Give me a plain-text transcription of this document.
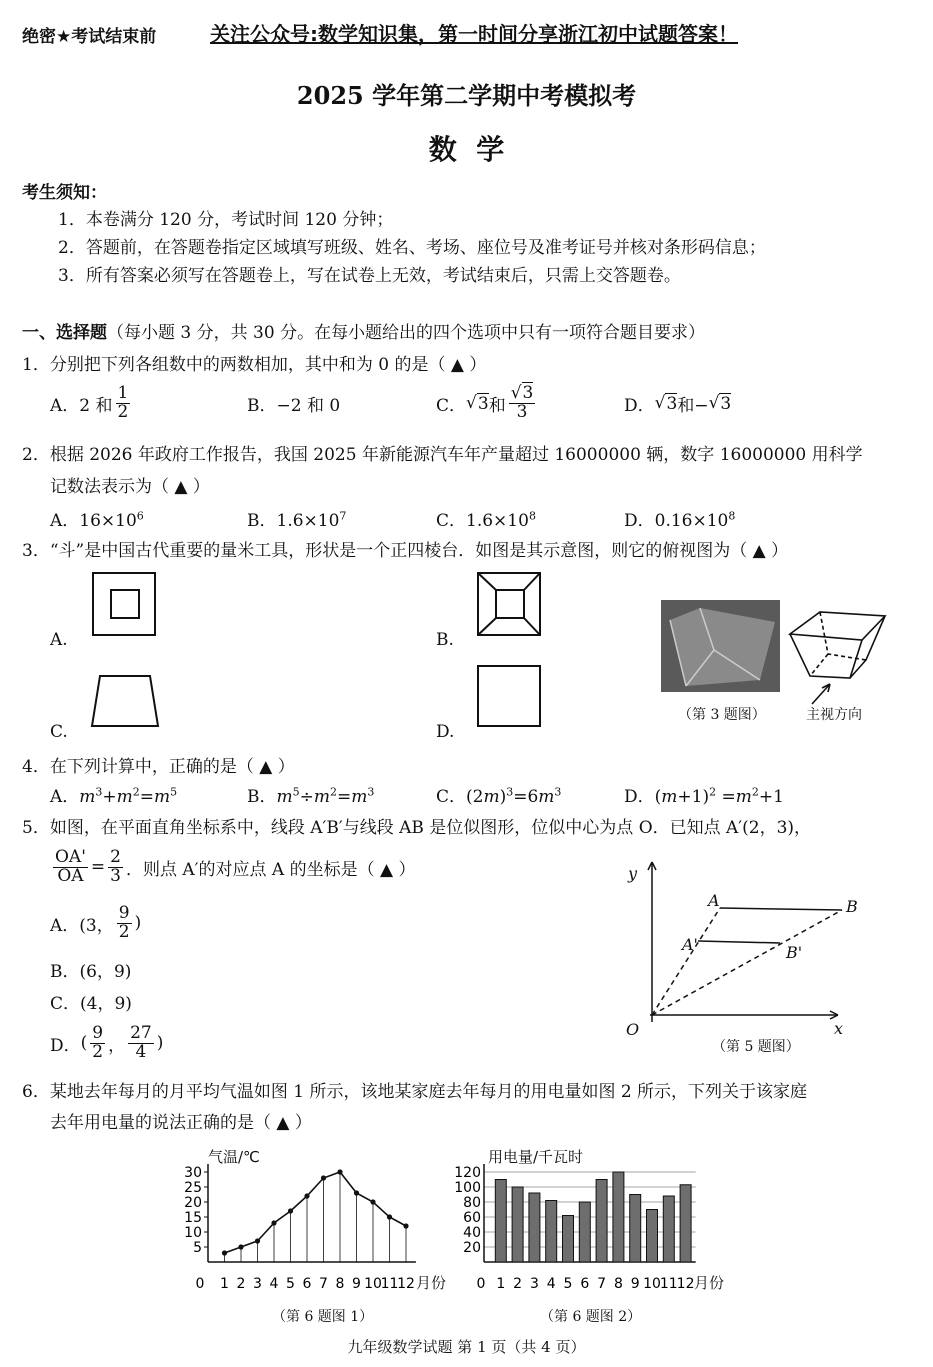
绝密★考试结束前	关注公众号:数学知识集，第一时间分享浙江初中试题答案！
2025 学年第二学期中考模拟考
数  学
考生须知：
1．本卷满分 120 分，考试时间 120 分钟；
2．答题前，在答题卷指定区域填写班级、姓名、考场、座位号及准考证号并核对条形码信息；
3．所有答案必须写在答题卷上，写在试卷上无效，考试结束后，只需上交答题卷。
一、选择题（每小题 3 分，共 30 分。在每小题给出的四个选项中只有一项符合题目要求）
1．分别把下列各组数中的两数相加，其中和为 0 的是（ ▲ ）
A． 2 和 $\frac{1}{2}$	B． −2 和 0	C． √ 3 和 $\frac{√3}{3}$	D． √ 3 和− √ 3
2．根据 2026 年政府工作报告，我国 2025 年新能源汽车年产量超过 16000000 辆，数字 16000000 用科学
记数法表示为（ ▲ ）
A．$16\times 10^6$	B．$1.6\times 10^7$	C．$1.6\times 10^8$	D．$0.16\times 10^8$
3．“斗”是中国古代重要的量米工具，形状是一个正四棱台．如图是其示意图，则它的俯视图为（ ▲ ）
A.	B.
C.	D.
（第 3 题图）	主视方向
4．在下列计算中，正确的是（ ▲ ）
A．$m^3+m^2=m^5$	B．$m^5\div m^2=m^3$	C．$(2m)^3=6m^3$	D．$(m+1)^2 =m^2+1$
5．如图，在平面直角坐标系中，线段 A′B′与线段 AB 是位似图形，位似中心为点 O．已知点 A′(2，3)，
$\frac{OA'}{OA} = \frac{2}{3}$ ．则点 A′的对应点 A 的坐标是（ ▲ ）
A． (3， $\frac{9}{2}$ )
B．(6，9)
C．(4，9)
D． ( $\frac{9}{2}$ ， $\frac{27}{4}$ )
y
x
O
A	B
A'	B'
（第 5 题图）
6．某地去年每月的月平均气温如图 1 所示，该地某家庭去年每月的用电量如图 2 所示，下列关于该家庭
去年用电量的说法正确的是（ ▲ ）
5
10
15
20
25
30
0 1 2 3 4 5 6 7 8 9 10
11
12
20
40
60
80
100
120
0 1 2 3 4 5 6 7 8 9 10
11
12
气温/℃
月份
（第 6 题图 1）
用电量/千瓦时
月份
（第 6 题图 2）
九年级数学试题 第 1 页（共 4 页）
